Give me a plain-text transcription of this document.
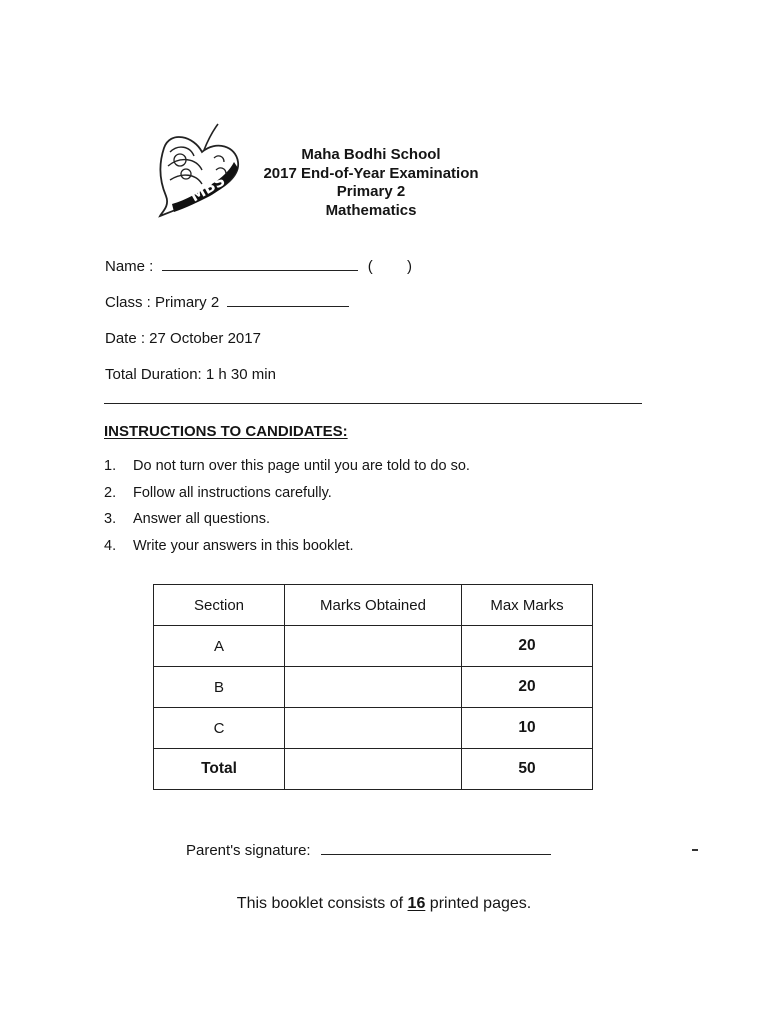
MBS
Maha Bodhi School
2017 End-of-Year Examination
Primary 2
Mathematics
Name :	( )
Class : Primary 2
Date : 27 October 2017
Total Duration: 1 h 30 min
INSTRUCTIONS TO CANDIDATES:
1. Do not turn over this page until you are told to do so.
2. Follow all instructions carefully.
3. Answer all questions.
4. Write your answers in this booklet.
Section	Marks Obtained	Max Marks
A		20
B		20
C		10
Total		50
Parent's signature:
This booklet consists of 16 printed pages.
